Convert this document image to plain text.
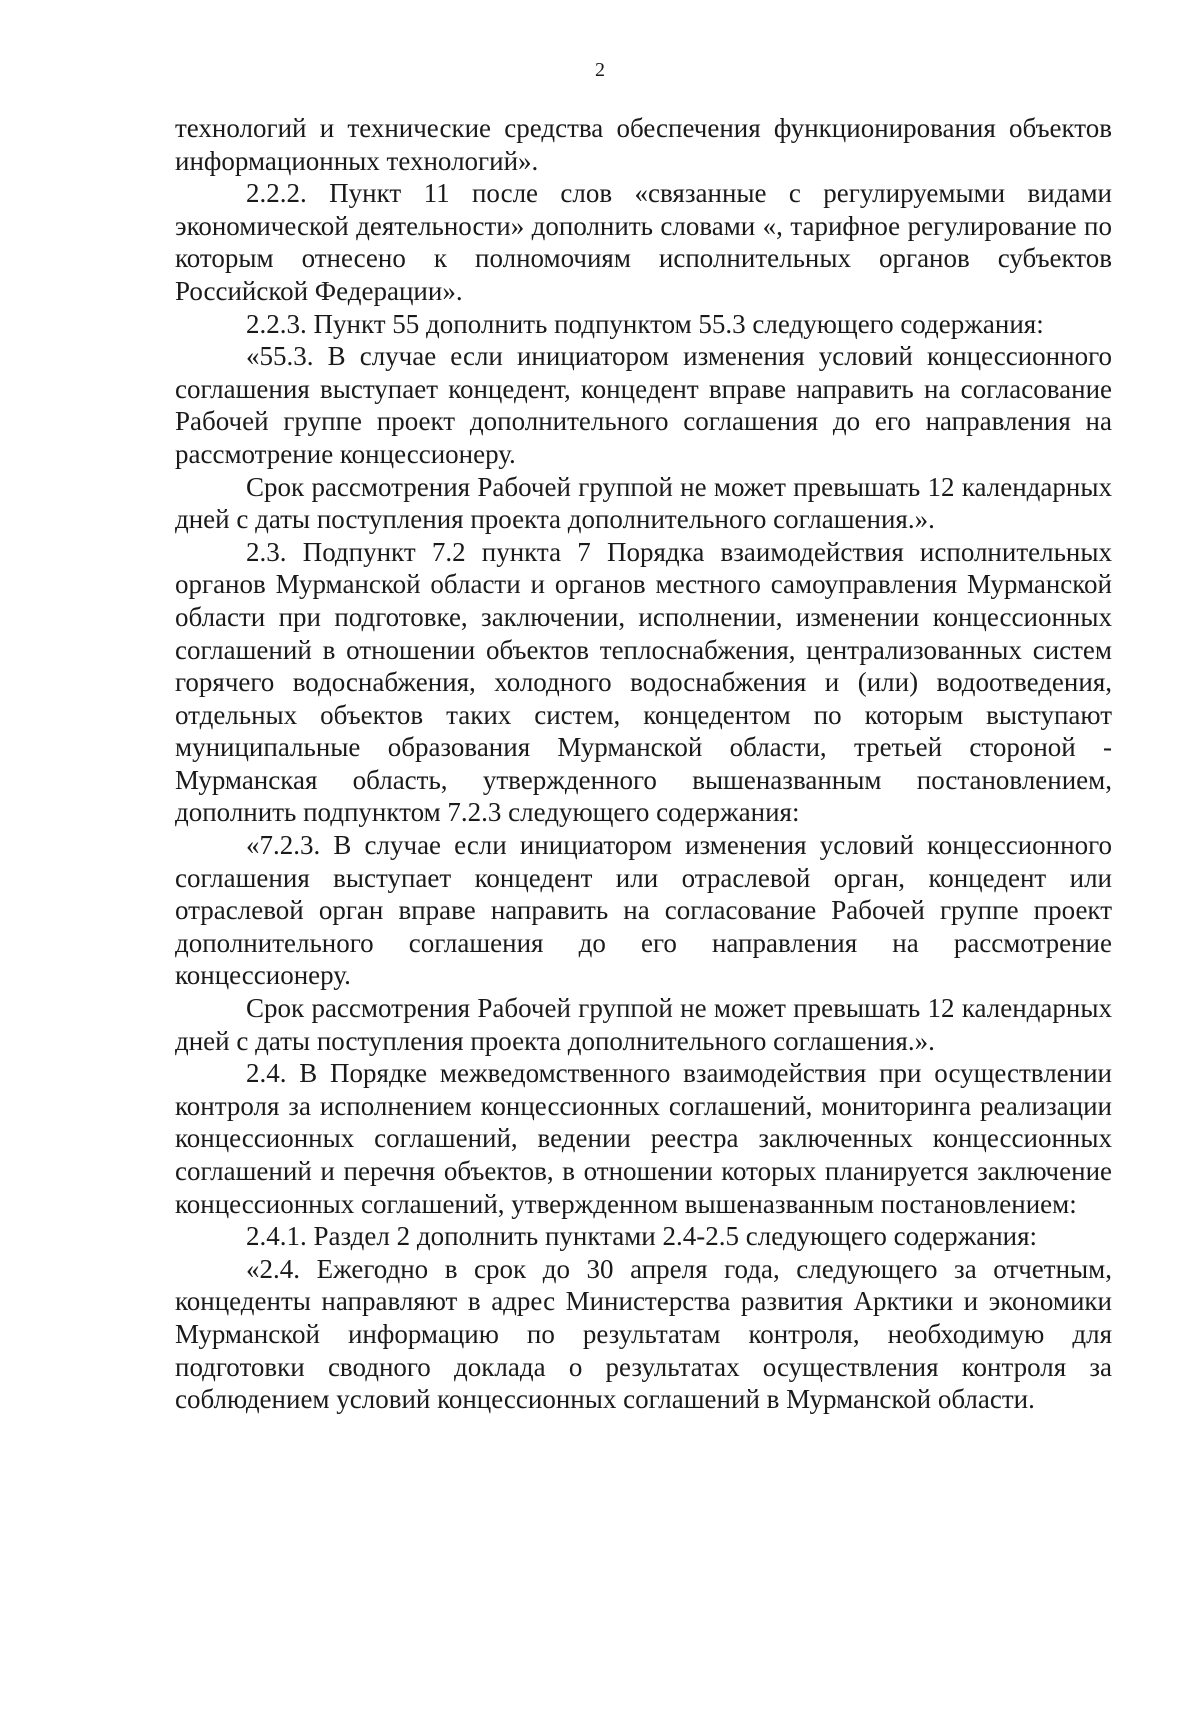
2

технологий и технические средства обеспечения функционирования объектов информационных технологий».

2.2.2. Пункт 11 после слов «связанные с регулируемыми видами экономической деятельности» дополнить словами «, тарифное регулирование по которым отнесено к полномочиям исполнительных органов субъектов Российской Федерации».

2.2.3. Пункт 55 дополнить подпунктом 55.3 следующего содержания:

«55.3. В случае если инициатором изменения условий концессионного соглашения выступает концедент, концедент вправе направить на согласование Рабочей группе проект дополнительного соглашения до его направления на рассмотрение концессионеру.

Срок рассмотрения Рабочей группой не может превышать 12 календарных дней с даты поступления проекта дополнительного соглашения.».

2.3. Подпункт 7.2 пункта 7 Порядка взаимодействия исполнительных органов Мурманской области и органов местного самоуправления Мурманской области при подготовке, заключении, исполнении, изменении концессионных соглашений в отношении объектов теплоснабжения, централизованных систем горячего водоснабжения, холодного водоснабжения и (или) водоотведения, отдельных объектов таких систем, концедентом по которым выступают муниципальные образования Мурманской области, третьей стороной - Мурманская область, утвержденного вышеназванным постановлением, дополнить подпунктом 7.2.3 следующего содержания:

«7.2.3. В случае если инициатором изменения условий концессионного соглашения выступает концедент или отраслевой орган, концедент или отраслевой орган вправе направить на согласование Рабочей группе проект дополнительного соглашения до его направления на рассмотрение концессионеру.

Срок рассмотрения Рабочей группой не может превышать 12 календарных дней с даты поступления проекта дополнительного соглашения.».

2.4. В Порядке межведомственного взаимодействия при осуществлении контроля за исполнением концессионных соглашений, мониторинга реализации концессионных соглашений, ведении реестра заключенных концессионных соглашений и перечня объектов, в отношении которых планируется заключение концессионных соглашений, утвержденном вышеназванным постановлением:

2.4.1. Раздел 2 дополнить пунктами 2.4-2.5 следующего содержания:

«2.4. Ежегодно в срок до 30 апреля года, следующего за отчетным, концеденты направляют в адрес Министерства развития Арктики и экономики Мурманской информацию по результатам контроля, необходимую для подготовки сводного доклада о результатах осуществления контроля за соблюдением условий концессионных соглашений в Мурманской области.
